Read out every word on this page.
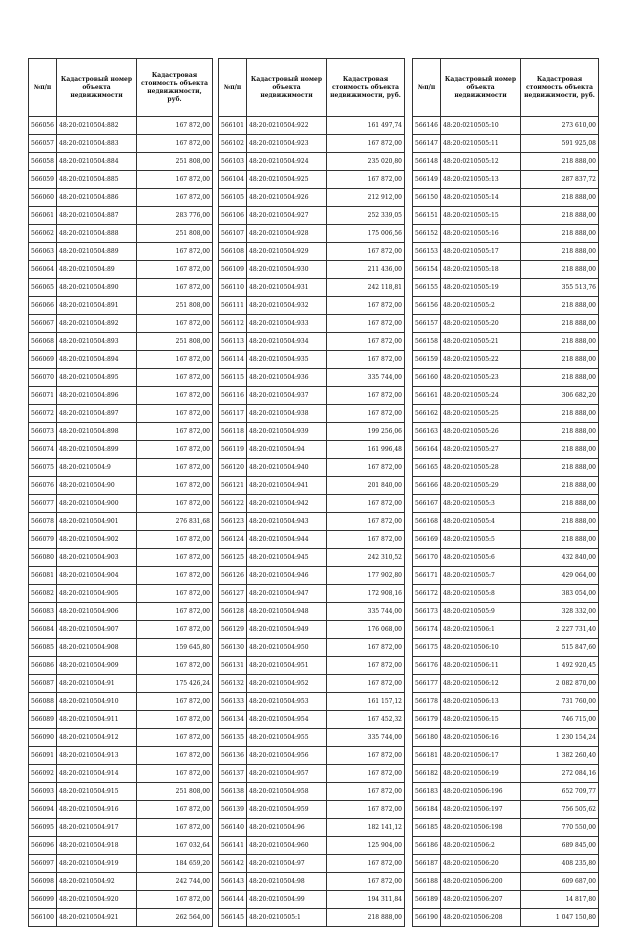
№п/п	Кадастровый номер объекта недвижимости	Кадастровая стоимость объекта недвижимости, руб.
566056	48:20:0210504:882	167 872,00
566057	48:20:0210504:883	167 872,00
566058	48:20:0210504:884	251 808,00
566059	48:20:0210504:885	167 872,00
566060	48:20:0210504:886	167 872,00
566061	48:20:0210504:887	283 776,00
566062	48:20:0210504:888	251 808,00
566063	48:20:0210504:889	167 872,00
566064	48:20:0210504:89	167 872,00
566065	48:20:0210504:890	167 872,00
566066	48:20:0210504:891	251 808,00
566067	48:20:0210504:892	167 872,00
566068	48:20:0210504:893	251 808,00
566069	48:20:0210504:894	167 872,00
566070	48:20:0210504:895	167 872,00
566071	48:20:0210504:896	167 872,00
566072	48:20:0210504:897	167 872,00
566073	48:20:0210504:898	167 872,00
566074	48:20:0210504:899	167 872,00
566075	48:20:0210504:9	167 872,00
566076	48:20:0210504:90	167 872,00
566077	48:20:0210504:900	167 872,00
566078	48:20:0210504:901	276 831,68
566079	48:20:0210504:902	167 872,00
566080	48:20:0210504:903	167 872,00
566081	48:20:0210504:904	167 872,00
566082	48:20:0210504:905	167 872,00
566083	48:20:0210504:906	167 872,00
566084	48:20:0210504:907	167 872,00
566085	48:20:0210504:908	159 645,80
566086	48:20:0210504:909	167 872,00
566087	48:20:0210504:91	175 426,24
566088	48:20:0210504:910	167 872,00
566089	48:20:0210504:911	167 872,00
566090	48:20:0210504:912	167 872,00
566091	48:20:0210504:913	167 872,00
566092	48:20:0210504:914	167 872,00
566093	48:20:0210504:915	251 808,00
566094	48:20:0210504:916	167 872,00
566095	48:20:0210504:917	167 872,00
566096	48:20:0210504:918	167 032,64
566097	48:20:0210504:919	184 659,20
566098	48:20:0210504:92	242 744,00
566099	48:20:0210504:920	167 872,00
566100	48:20:0210504:921	262 564,00
№п/п	Кадастровый номер объекта недвижимости	Кадастровая стоимость объекта недвижимости, руб.
566101	48:20:0210504:922	161 497,74
566102	48:20:0210504:923	167 872,00
566103	48:20:0210504:924	235 020,80
566104	48:20:0210504:925	167 872,00
566105	48:20:0210504:926	212 912,00
566106	48:20:0210504:927	252 339,05
566107	48:20:0210504:928	175 006,56
566108	48:20:0210504:929	167 872,00
566109	48:20:0210504:930	211 436,00
566110	48:20:0210504:931	242 118,81
566111	48:20:0210504:932	167 872,00
566112	48:20:0210504:933	167 872,00
566113	48:20:0210504:934	167 872,00
566114	48:20:0210504:935	167 872,00
566115	48:20:0210504:936	335 744,00
566116	48:20:0210504:937	167 872,00
566117	48:20:0210504:938	167 872,00
566118	48:20:0210504:939	199 256,06
566119	48:20:0210504:94	161 996,48
566120	48:20:0210504:940	167 872,00
566121	48:20:0210504:941	201 840,00
566122	48:20:0210504:942	167 872,00
566123	48:20:0210504:943	167 872,00
566124	48:20:0210504:944	167 872,00
566125	48:20:0210504:945	242 310,52
566126	48:20:0210504:946	177 902,80
566127	48:20:0210504:947	172 908,16
566128	48:20:0210504:948	335 744,00
566129	48:20:0210504:949	176 068,00
566130	48:20:0210504:950	167 872,00
566131	48:20:0210504:951	167 872,00
566132	48:20:0210504:952	167 872,00
566133	48:20:0210504:953	161 157,12
566134	48:20:0210504:954	167 452,32
566135	48:20:0210504:955	335 744,00
566136	48:20:0210504:956	167 872,00
566137	48:20:0210504:957	167 872,00
566138	48:20:0210504:958	167 872,00
566139	48:20:0210504:959	167 872,00
566140	48:20:0210504:96	182 141,12
566141	48:20:0210504:960	125 904,00
566142	48:20:0210504:97	167 872,00
566143	48:20:0210504:98	167 872,00
566144	48:20:0210504:99	194 311,84
566145	48:20:0210505:1	218 888,00
№п/п	Кадастровый номер объекта недвижимости	Кадастровая стоимость объекта недвижимости, руб.
566146	48:20:0210505:10	273 610,00
566147	48:20:0210505:11	591 925,08
566148	48:20:0210505:12	218 888,00
566149	48:20:0210505:13	287 837,72
566150	48:20:0210505:14	218 888,00
566151	48:20:0210505:15	218 888,00
566152	48:20:0210505:16	218 888,00
566153	48:20:0210505:17	218 888,00
566154	48:20:0210505:18	218 888,00
566155	48:20:0210505:19	355 513,76
566156	48:20:0210505:2	218 888,00
566157	48:20:0210505:20	218 888,00
566158	48:20:0210505:21	218 888,00
566159	48:20:0210505:22	218 888,00
566160	48:20:0210505:23	218 888,00
566161	48:20:0210505:24	306 682,20
566162	48:20:0210505:25	218 888,00
566163	48:20:0210505:26	218 888,00
566164	48:20:0210505:27	218 888,00
566165	48:20:0210505:28	218 888,00
566166	48:20:0210505:29	218 888,00
566167	48:20:0210505:3	218 888,00
566168	48:20:0210505:4	218 888,00
566169	48:20:0210505:5	218 888,00
566170	48:20:0210505:6	432 840,00
566171	48:20:0210505:7	429 064,00
566172	48:20:0210505:8	383 054,00
566173	48:20:0210505:9	328 332,00
566174	48:20:0210506:1	2 227 731,40
566175	48:20:0210506:10	515 847,60
566176	48:20:0210506:11	1 492 920,45
566177	48:20:0210506:12	2 082 870,00
566178	48:20:0210506:13	731 760,00
566179	48:20:0210506:15	746 715,00
566180	48:20:0210506:16	1 230 154,24
566181	48:20:0210506:17	1 382 260,40
566182	48:20:0210506:19	272 084,16
566183	48:20:0210506:196	652 709,77
566184	48:20:0210506:197	756 505,62
566185	48:20:0210506:198	770 550,00
566186	48:20:0210506:2	689 845,00
566187	48:20:0210506:20	408 235,80
566188	48:20:0210506:200	609 687,00
566189	48:20:0210506:207	14 817,80
566190	48:20:0210506:208	1 047 150,80
